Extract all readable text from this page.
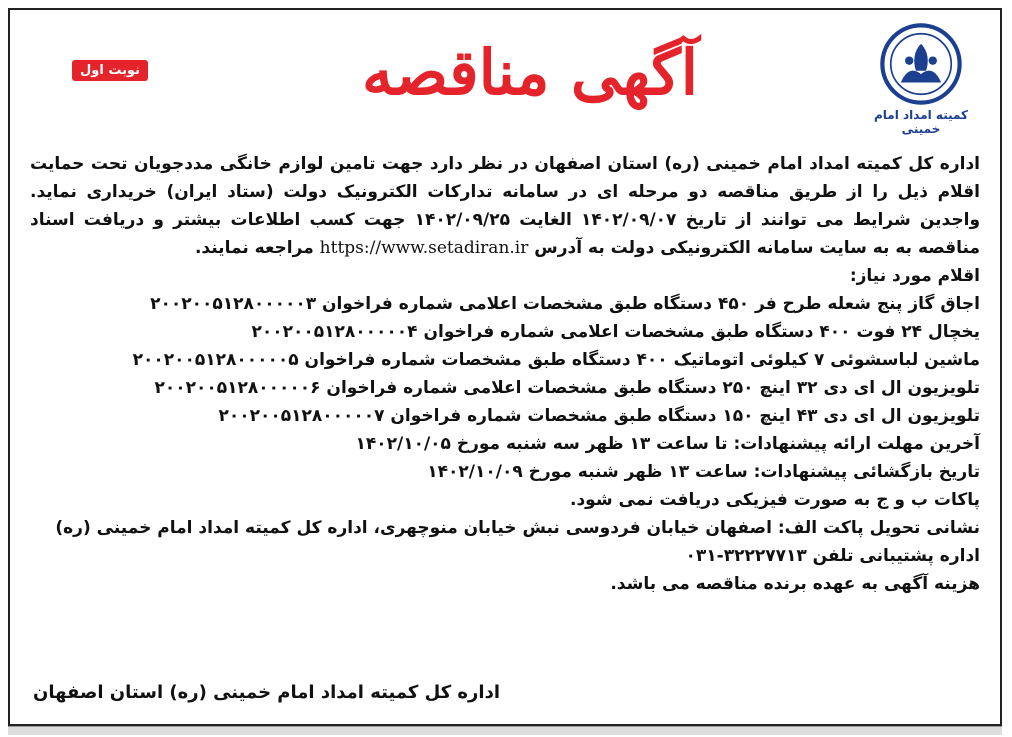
کمیته امداد امام خمینی
آگهی مناقصه
نوبت اول

اداره کل کمیته امداد امام خمینی (ره) استان اصفهان در نظر دارد جهت تامین لوازم خانگی مددجویان تحت حمایت اقلام ذیل را از طریق مناقصه دو مرحله ای در سامانه تدارکات الکترونیک دولت (ستاد ایران) خریداری نماید. واجدین شرایط می توانند از تاریخ ۱۴۰۲/۰۹/۰۷ الغایت ۱۴۰۲/۰۹/۲۵ جهت کسب اطلاعات بیشتر و دریافت اسناد مناقصه به به سایت سامانه الکترونیکی دولت به آدرس https://www.setadiran.ir مراجعه نمایند.

اقلام مورد نیاز:

اجاق گاز پنج شعله طرح فر ۴۵۰ دستگاه طبق مشخصات اعلامی شماره فراخوان ۲۰۰۲۰۰۵۱۲۸۰۰۰۰۰۳

یخچال ۲۴ فوت ۴۰۰ دستگاه طبق مشخصات اعلامی شماره فراخوان ۲۰۰۲۰۰۵۱۲۸۰۰۰۰۰۴

ماشین لباسشوئی ۷ کیلوئی اتوماتیک ۴۰۰ دستگاه طبق مشخصات شماره فراخوان ۲۰۰۲۰۰۵۱۲۸۰۰۰۰۰۵

تلویزیون ال ای دی ۳۲ اینچ ۲۵۰ دستگاه طبق مشخصات اعلامی شماره فراخوان ۲۰۰۲۰۰۵۱۲۸۰۰۰۰۰۶

تلویزیون ال ای دی ۴۳ اینچ ۱۵۰ دستگاه طبق مشخصات شماره فراخوان ۲۰۰۲۰۰۵۱۲۸۰۰۰۰۰۷

آخرین مهلت ارائه پیشنهادات: تا ساعت ۱۳ ظهر سه شنبه مورخ ۱۴۰۲/۱۰/۰۵

تاریخ بازگشائی پیشنهادات: ساعت ۱۳ ظهر شنبه مورخ ۱۴۰۲/۱۰/۰۹

پاکات ب و ج به صورت فیزیکی دریافت نمی شود.

نشانی تحویل پاکت الف: اصفهان خیابان فردوسی نبش خیابان منوچهری، اداره کل کمیته امداد امام خمینی (ره)

اداره پشتیبانی تلفن ۳۲۲۲۷۷۱۳-۰۳۱

هزینه آگهی به عهده برنده مناقصه می باشد.

اداره کل کمیته امداد امام خمینی (ره) استان اصفهان
